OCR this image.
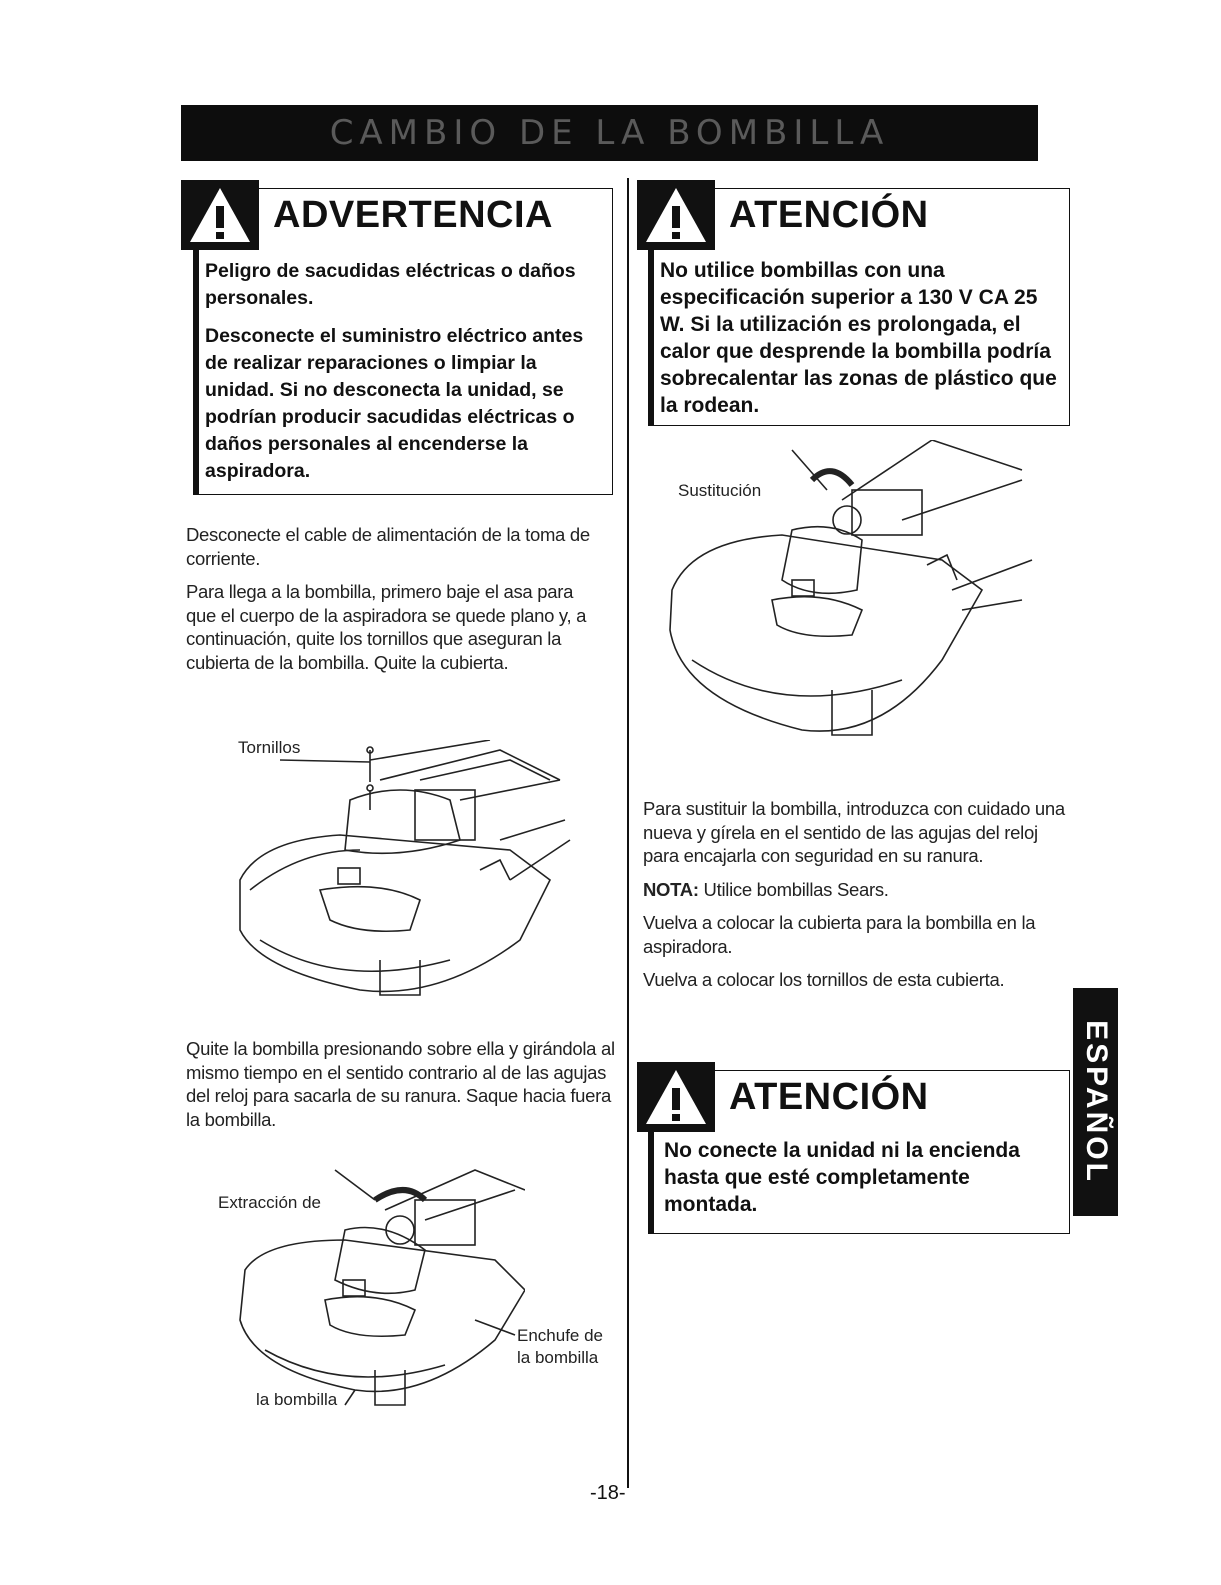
CAMBIO DE LA BOMBILLA
ADVERTENCIA

Peligro de sacudidas eléctricas o daños personales.

Desconecte el suministro eléctrico antes de realizar reparaciones o limpiar la unidad. Si no desconecta la unidad, se podrían producir sacudidas eléctricas o daños personales al encenderse la aspiradora.

Desconecte el cable de alimentación de la toma de corriente.

Para llega a la bombilla, primero baje el asa para que el cuerpo de la aspiradora se quede plano y, a continuación, quite los tornillos que aseguran la cubierta de la bombilla. Quite la cubierta.

Tornillos

Quite la bombilla presionando sobre ella y girándola al mismo tiempo en el sentido contrario al de las agujas del reloj para sacarla de su ranura. Saque hacia fuera la bombilla.

Extracción de
la bombilla
Enchufe de
la bombilla
ATENCIÓN
No utilice bombillas con una especificación superior a 130 V CA 25 W. Si la utilización es prolongada, el calor que desprende la bombilla podría sobrecalentar las zonas de plástico que la rodean.
Sustitución

Para sustituir la bombilla, introduzca con cuidado una nueva y gírela en el sentido de las agujas del reloj para encajarla con seguridad en su ranura.

NOTA: Utilice bombillas Sears.

Vuelva a colocar la cubierta para la bombilla en la aspiradora.

Vuelva a colocar los tornillos de esta cubierta.

ATENCIÓN
No conecte la unidad ni la encienda hasta que esté completamente montada.
ESPAÑOL
-18-
